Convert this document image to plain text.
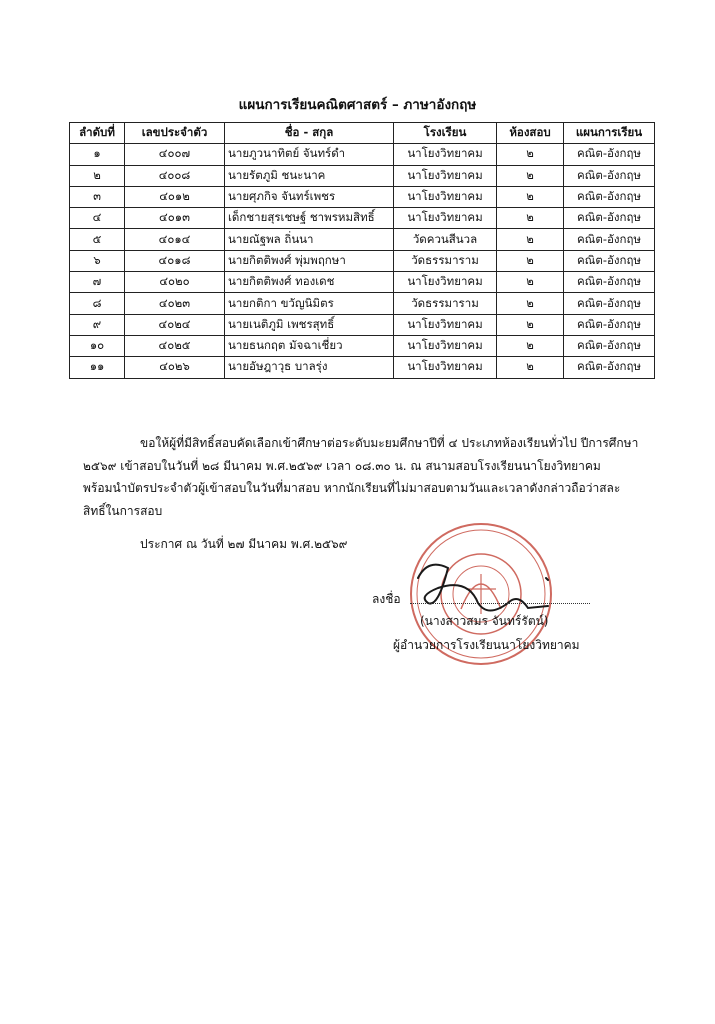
แผนการเรียนคณิตศาสตร์ – ภาษาอังกฤษ
ลำดับที่	เลขประจำตัว	ชื่อ - สกุล	โรงเรียน	ห้องสอบ	แผนการเรียน
๑	๔๐๐๗	นายภูวนาทิตย์ จันทร์ดำ	นาโยงวิทยาคม	๒	คณิต-อังกฤษ
๒	๔๐๐๘	นายรัตภูมิ ชนะนาค	นาโยงวิทยาคม	๒	คณิต-อังกฤษ
๓	๔๐๑๒	นายศุภกิจ จันทร์เพชร	นาโยงวิทยาคม	๒	คณิต-อังกฤษ
๔	๔๐๑๓	เด็กชายสุรเชษฐ์ ชาพรหมสิทธิ์	นาโยงวิทยาคม	๒	คณิต-อังกฤษ
๕	๔๐๑๔	นายณัฐพล ถิ่นนา	วัดควนสีนวล	๒	คณิต-อังกฤษ
๖	๔๐๑๘	นายกิตติพงศ์ พุ่มพฤกษา	วัดธรรมาราม	๒	คณิต-อังกฤษ
๗	๔๐๒๐	นายกิตติพงศ์ ทองเดช	นาโยงวิทยาคม	๒	คณิต-อังกฤษ
๘	๔๐๒๓	นายกติกา ขวัญนิมิตร	วัดธรรมาราม	๒	คณิต-อังกฤษ
๙	๔๐๒๔	นายเนติภูมิ เพชรสุทธิ์	นาโยงวิทยาคม	๒	คณิต-อังกฤษ
๑๐	๔๐๒๕	นายธนกฤต มัจฉาเชี่ยว	นาโยงวิทยาคม	๒	คณิต-อังกฤษ
๑๑	๔๐๒๖	นายอัษฎาวุธ บาลรุ่ง	นาโยงวิทยาคม	๒	คณิต-อังกฤษ
ขอให้ผู้ที่มีสิทธิ์สอบคัดเลือกเข้าศึกษาต่อระดับมะยมศึกษาปีที่ ๔ ประเภทห้องเรียนทั่วไป ปีการศึกษา
๒๕๖๙ เข้าสอบในวันที่ ๒๘ มีนาคม พ.ศ.๒๕๖๙ เวลา ๐๘.๓๐ น. ณ สนามสอบโรงเรียนนาโยงวิทยาคม
พร้อมนำบัตรประจำตัวผู้เข้าสอบในวันที่มาสอบ หากนักเรียนที่ไม่มาสอบตามวันและเวลาดังกล่าวถือว่าสละ
สิทธิ์ในการสอบ
ประกาศ ณ วันที่ ๒๗ มีนาคม พ.ศ.๒๕๖๙
ลงชื่อ
(นางสาวสมร จันทร์รัตน์)
ผู้อำนวยการโรงเรียนนาโยงวิทยาคม
